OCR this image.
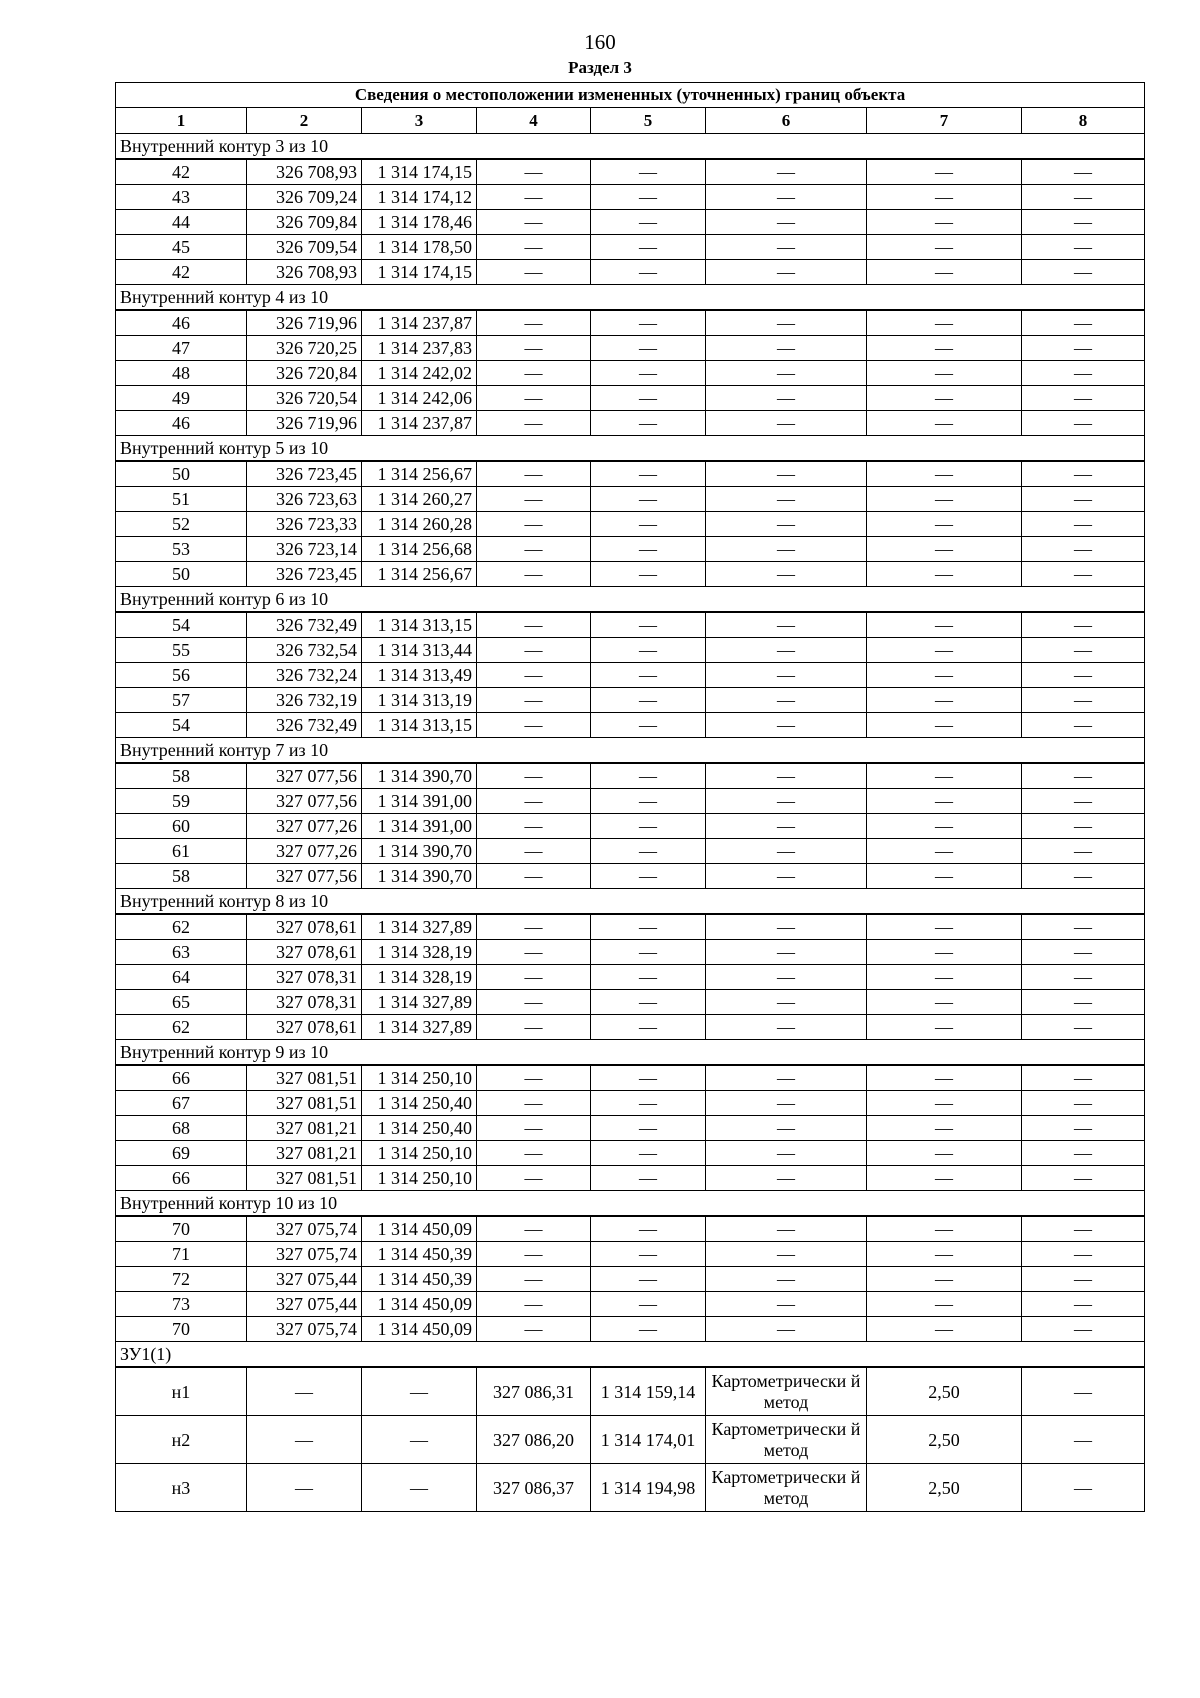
160
Раздел 3
Сведения о местоположении измененных (уточненных) границ объекта							
1	2	3	4	5	6	7	8
Внутренний контур 3 из 10							
42	326 708,93	1 314 174,15	—	—	—	—	—
43	326 709,24	1 314 174,12	—	—	—	—	—
44	326 709,84	1 314 178,46	—	—	—	—	—
45	326 709,54	1 314 178,50	—	—	—	—	—
42	326 708,93	1 314 174,15	—	—	—	—	—
Внутренний контур 4 из 10							
46	326 719,96	1 314 237,87	—	—	—	—	—
47	326 720,25	1 314 237,83	—	—	—	—	—
48	326 720,84	1 314 242,02	—	—	—	—	—
49	326 720,54	1 314 242,06	—	—	—	—	—
46	326 719,96	1 314 237,87	—	—	—	—	—
Внутренний контур 5 из 10							
50	326 723,45	1 314 256,67	—	—	—	—	—
51	326 723,63	1 314 260,27	—	—	—	—	—
52	326 723,33	1 314 260,28	—	—	—	—	—
53	326 723,14	1 314 256,68	—	—	—	—	—
50	326 723,45	1 314 256,67	—	—	—	—	—
Внутренний контур 6 из 10							
54	326 732,49	1 314 313,15	—	—	—	—	—
55	326 732,54	1 314 313,44	—	—	—	—	—
56	326 732,24	1 314 313,49	—	—	—	—	—
57	326 732,19	1 314 313,19	—	—	—	—	—
54	326 732,49	1 314 313,15	—	—	—	—	—
Внутренний контур 7 из 10							
58	327 077,56	1 314 390,70	—	—	—	—	—
59	327 077,56	1 314 391,00	—	—	—	—	—
60	327 077,26	1 314 391,00	—	—	—	—	—
61	327 077,26	1 314 390,70	—	—	—	—	—
58	327 077,56	1 314 390,70	—	—	—	—	—
Внутренний контур 8 из 10							
62	327 078,61	1 314 327,89	—	—	—	—	—
63	327 078,61	1 314 328,19	—	—	—	—	—
64	327 078,31	1 314 328,19	—	—	—	—	—
65	327 078,31	1 314 327,89	—	—	—	—	—
62	327 078,61	1 314 327,89	—	—	—	—	—
Внутренний контур 9 из 10							
66	327 081,51	1 314 250,10	—	—	—	—	—
67	327 081,51	1 314 250,40	—	—	—	—	—
68	327 081,21	1 314 250,40	—	—	—	—	—
69	327 081,21	1 314 250,10	—	—	—	—	—
66	327 081,51	1 314 250,10	—	—	—	—	—
Внутренний контур 10 из 10							
70	327 075,74	1 314 450,09	—	—	—	—	—
71	327 075,74	1 314 450,39	—	—	—	—	—
72	327 075,44	1 314 450,39	—	—	—	—	—
73	327 075,44	1 314 450,09	—	—	—	—	—
70	327 075,74	1 314 450,09	—	—	—	—	—
ЗУ1(1)							
н1	—	—	327 086,31	1 314 159,14	Картометрически й метод	2,50	—
н2	—	—	327 086,20	1 314 174,01	Картометрически й метод	2,50	—
н3	—	—	327 086,37	1 314 194,98	Картометрически й метод	2,50	—
